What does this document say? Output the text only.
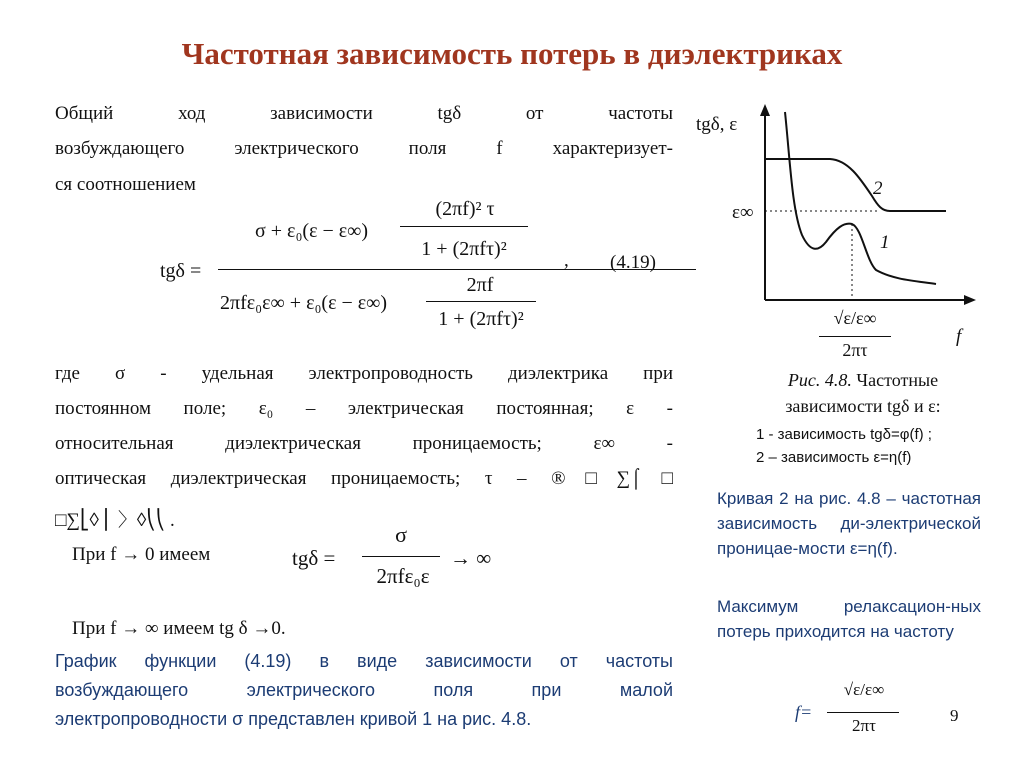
Частотная зависимость потерь в диэлектриках
Общий ход зависимости tgδ от частоты
возбуждающего электрического поля f характеризует-
ся соотношением
tgδ =
σ + ε₀(ε − ε∞)
(2πf)² τ
1 + (2πfτ)²
2πfε₀ε∞ + ε₀(ε − ε∞)
2πf
1 + (2πfτ)²
, (4.19)
где σ - удельная электропроводность диэлектрика при
постоянном поле; ε₀ – электрическая постоянная; ε -
относительная диэлектрическая проницаемость; ε∞ -
оптическая диэлектрическая проницаемость; τ – ®□∑⌠□
□∑⎣◊⎪ 〉◊⎝⎝ .
При f → 0 имеем	tgδ =
σ
2πfε₀ε
→ ∞
При f → ∞ имеем tg δ →0.
График функции (4.19) в виде зависимости от частоты
возбуждающего электрического поля при малой
электропроводности σ представлен кривой 1 на рис. 4.8.
tgδ, ε
ε∞
2
1
f
√ε/ε∞
2πτ
Рис. 4.8. Частотные
зависимости tgδ и ε:
1 - зависимость tgδ=φ(f) ;
2 – зависимость ε=η(f)
Кривая 2 на рис. 4.8 – частотная зависимость ди-электрической проницае-мости ε=η(f).
Максимум релаксацион-ных потерь приходится на частоту
f=
√ε/ε∞
2πτ
9
